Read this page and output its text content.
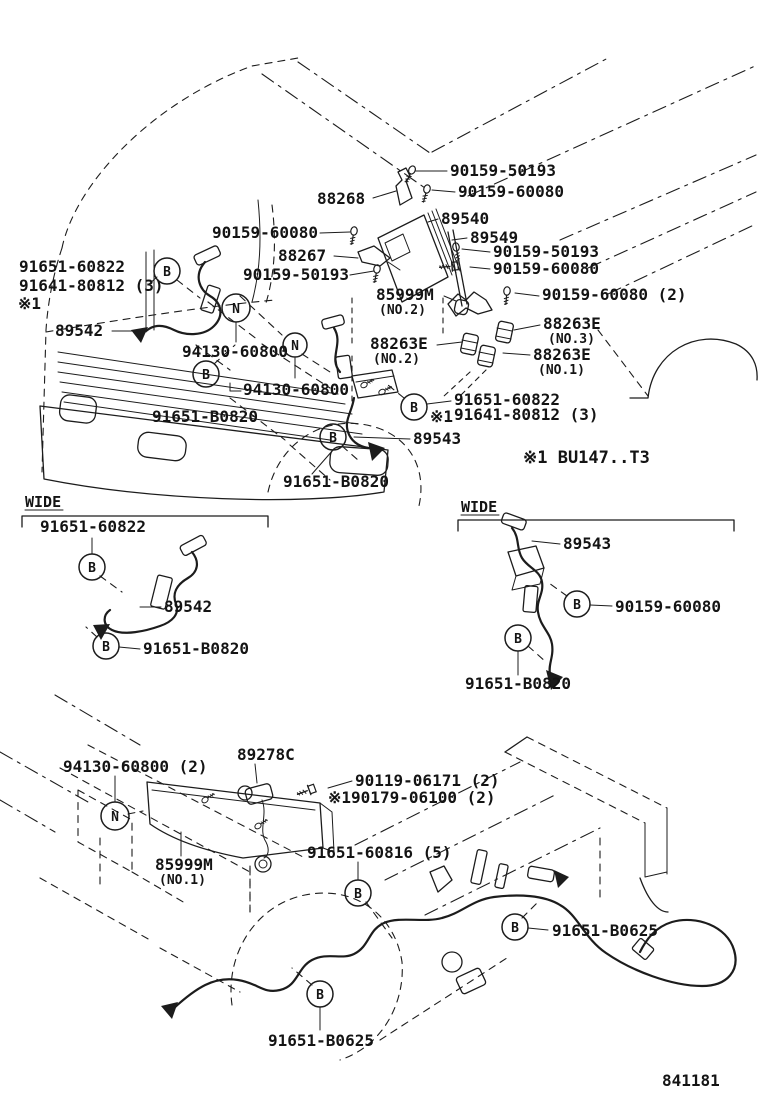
90159-50193
90159-60080
88268
89540
90159-60080	89549
88267	90159-50193
90159-50193	90159-60080
91651-60822
91641-80812 (3)
※1	85999M
(NO.2)
90159-60080 (2)
89542	88263E
(NO.3)
94130-60800	88263E
(NO.2)	88263E
(NO.1)
94130-60800
91651-60822
※1 91641-80812 (3)
91651-B0820
89543
※1 BU147..T3
91651-B0820
WIDE
91651-60822
89542
91651-B0820
WIDE
89543
90159-60080
91651-B0820
94130-60800 (2)
89278C
90119-06171 (2)
※190179-06100 (2)
85999M
(NO.1)
91651-60816 (5)
91651-B0625
91651-B0625
841181
B
N
N
B
B
B
B
B
B
B
N
B
B
B
